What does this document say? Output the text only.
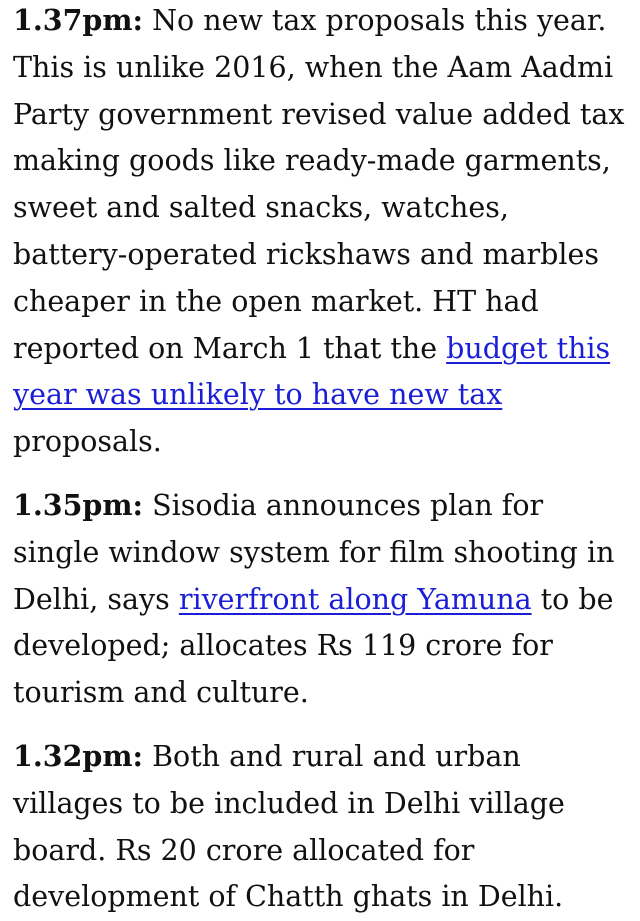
1.37pm: No new tax proposals this year. This is unlike 2016, when the Aam Aadmi Party government revised value added tax making goods like ready-made garments, sweet and salted snacks, watches, battery-operated rickshaws and marbles cheaper in the open market. HT had reported on March 1 that the budget this year was unlikely to have new tax proposals.

1.35pm: Sisodia announces plan for single window system for film shooting in Delhi, says riverfront along Yamuna to be developed; allocates Rs 119 crore for tourism and culture.

1.32pm: Both and rural and urban villages to be included in Delhi village board. Rs 20 crore allocated for development of Chatth ghats in Delhi.
